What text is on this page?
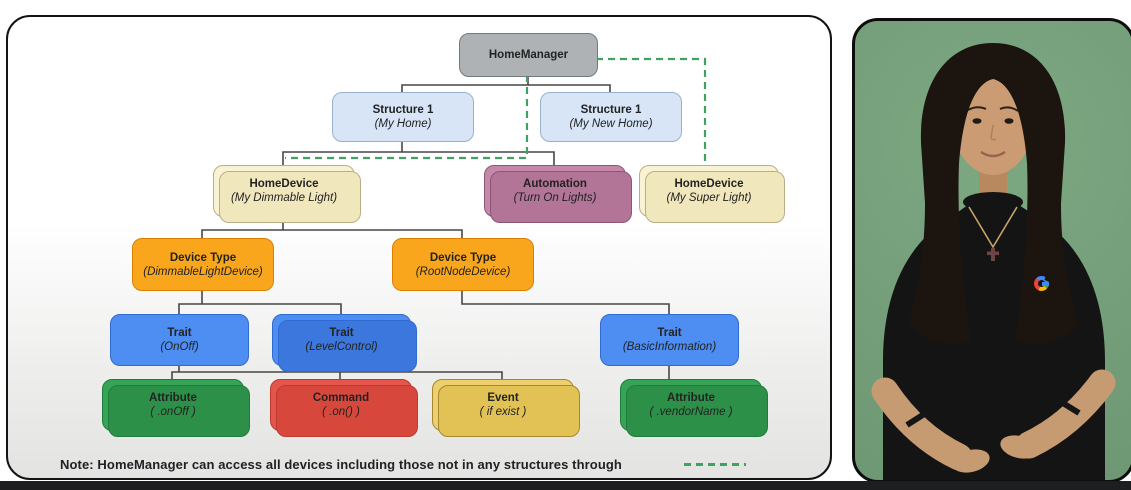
HomeManager
Structure 1
(My Home)
Structure 1
(My New Home)
HomeDevice
(My Dimmable Light)
Automation
(Turn On Lights)
HomeDevice
(My Super Light)
Device Type
(DimmableLightDevice)
Device Type
(RootNodeDevice)
Trait
(OnOff)
Trait
(LevelControl)
Trait
(BasicInformation)
Attribute
( .onOff )
Command
( .on() )
Event
( if exist )
Attribute
( .vendorName )
Note: HomeManager can access all devices including those not in any structures through
